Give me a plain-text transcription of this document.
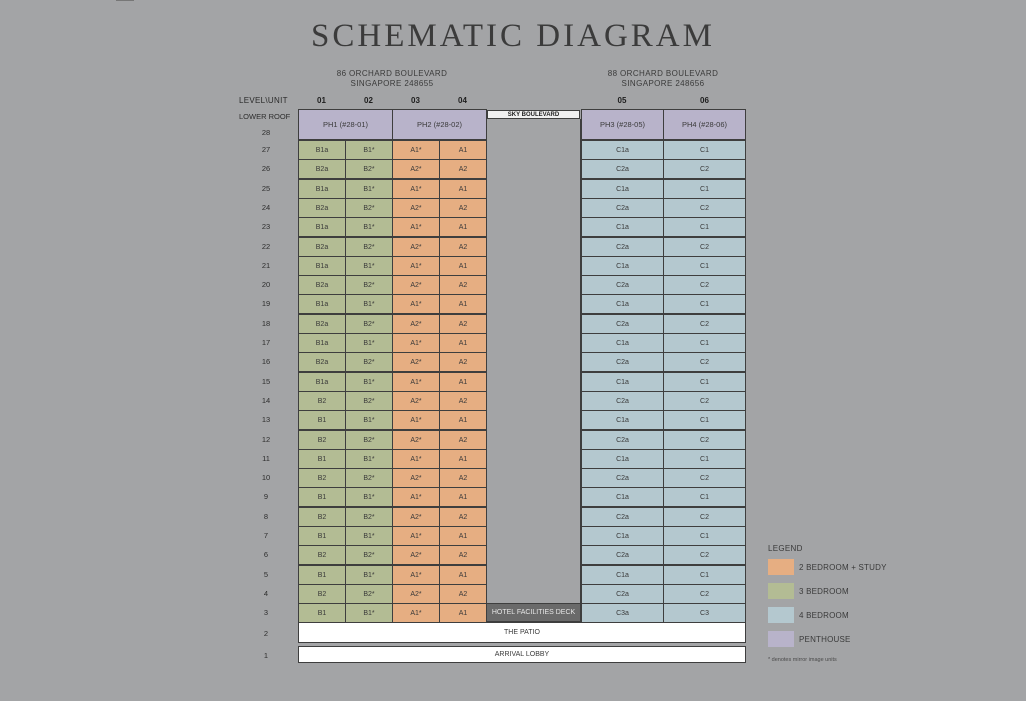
SCHEMATIC DIAGRAM
86 ORCHARD BOULEVARD
SINGAPORE 248655
88 ORCHARD BOULEVARD
SINGAPORE 248656
LEVEL\UNIT	01	02	03	04	05	06
LOWER ROOF
28
SKY BOULEVARD
PH1 (#28-01)	PH2 (#28-02)	PH3 (#28-05)	PH4 (#28-06)
27	B1a	B1*	A1*	A1	C1a	C1
26	B2a	B2*	A2*	A2	C2a	C2
25	B1a	B1*	A1*	A1	C1a	C1
24	B2a	B2*	A2*	A2	C2a	C2
23	B1a	B1*	A1*	A1	C1a	C1
22	B2a	B2*	A2*	A2	C2a	C2
21	B1a	B1*	A1*	A1	C1a	C1
20	B2a	B2*	A2*	A2	C2a	C2
19	B1a	B1*	A1*	A1	C1a	C1
18	B2a	B2*	A2*	A2	C2a	C2
17	B1a	B1*	A1*	A1	C1a	C1
16	B2a	B2*	A2*	A2	C2a	C2
15	B1a	B1*	A1*	A1	C1a	C1
14	B2	B2*	A2*	A2	C2a	C2
13	B1	B1*	A1*	A1	C1a	C1
12	B2	B2*	A2*	A2	C2a	C2
11	B1	B1*	A1*	A1	C1a	C1
10	B2	B2*	A2*	A2	C2a	C2
9	B1	B1*	A1*	A1	C1a	C1
8	B2	B2*	A2*	A2	C2a	C2
7	B1	B1*	A1*	A1	C1a	C1
6	B2	B2*	A2*	A2	C2a	C2
5	B1	B1*	A1*	A1	C1a	C1
4	B2	B2*	A2*	A2	C2a	C2
3	B1	B1*	A1*	A1	C3a	C3
HOTEL FACILITIES DECK
2	THE PATIO
1	ARRIVAL LOBBY
LEGEND
2 BEDROOM + STUDY
3 BEDROOM
4 BEDROOM
PENTHOUSE
* denotes mirror image units
